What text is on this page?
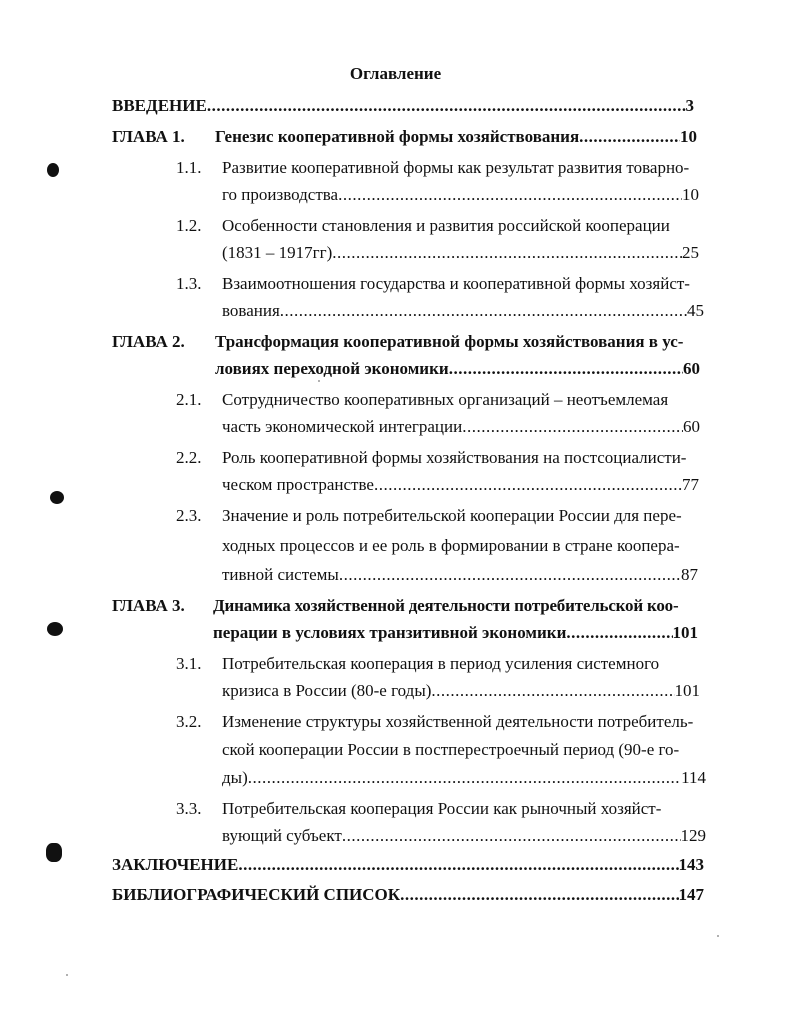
Оглавление
ВВЕДЕНИЕ .....	3
ГЛАВА 1. Генезис кооперативной формы хозяйствования .....	10
1.1. Развитие кооперативной формы как результат развития товарно-
го производства .....	10
1.2. Особенности становления и развития российской кооперации
(1831 – 1917гг) .....	25
1.3. Взаимоотношения государства и кооперативной формы хозяйст-
вования .....	45
ГЛАВА 2. Трансформация кооперативной формы хозяйствования в ус-
ловиях переходной экономики .....	60
2.1. Сотрудничество кооперативных организаций – неотъемлемая
часть экономической интеграции .....	60
2.2. Роль кооперативной формы хозяйствования на постсоциалисти-
ческом пространстве .....	77
2.3. Значение и роль потребительской кооперации России для пере-
ходных процессов и ее роль в формировании в стране коопера-
тивной системы .....	87
ГЛАВА 3. Динамика хозяйственной деятельности потребительской коо-
перации в условиях транзитивной экономики .....	101
3.1. Потребительская кооперация в период усиления системного
кризиса в России (80-е годы) .....	101
3.2. Изменение структуры хозяйственной деятельности потребитель-
ской кооперации России в постперестроечный период (90-е го-
ды) .....	114
3.3. Потребительская кооперация России как рыночный хозяйст-
вующий субъект .....	129
ЗАКЛЮЧЕНИЕ .....	143
БИБЛИОГРАФИЧЕСКИЙ СПИСОК .....	147
